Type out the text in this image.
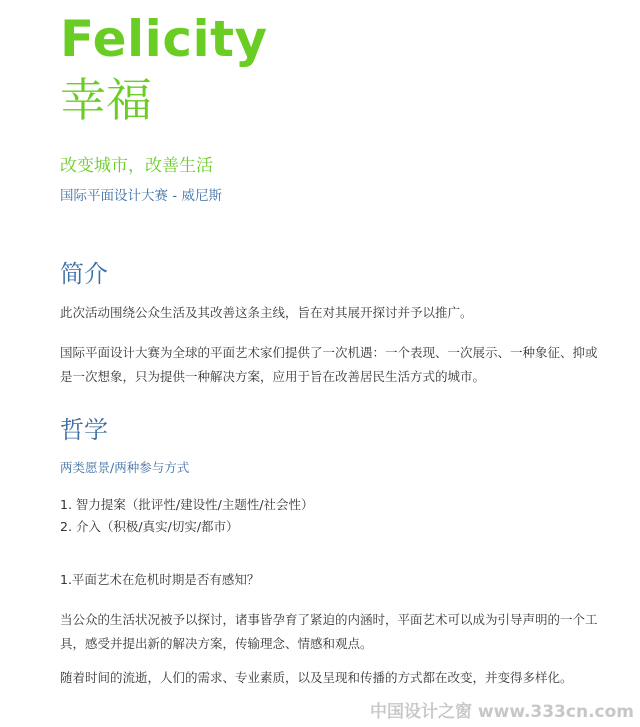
Felicity
幸福
改变城市，改善生活
国际平面设计大赛 - 威尼斯
简介
此次活动围绕公众生活及其改善这条主线，旨在对其展开探讨并予以推广。
国际平面设计大赛为全球的平面艺术家们提供了一次机遇：一个表现、一次展示、一种象征、抑或是一次想象，只为提供一种解决方案，应用于旨在改善居民生活方式的城市。
哲学
两类愿景/两种参与方式
1. 智力提案（批评性/建设性/主题性/社会性）
2. 介入（积极/真实/切实/都市）
1.平面艺术在危机时期是否有感知？
当公众的生活状况被予以探讨，诸事皆孕育了紧迫的内涵时，平面艺术可以成为引导声明的一个工具，感受并提出新的解决方案，传输理念、情感和观点。
随着时间的流逝，人们的需求、专业素质，以及呈现和传播的方式都在改变，并变得多样化。
中国设计之窗 www.333cn.com
